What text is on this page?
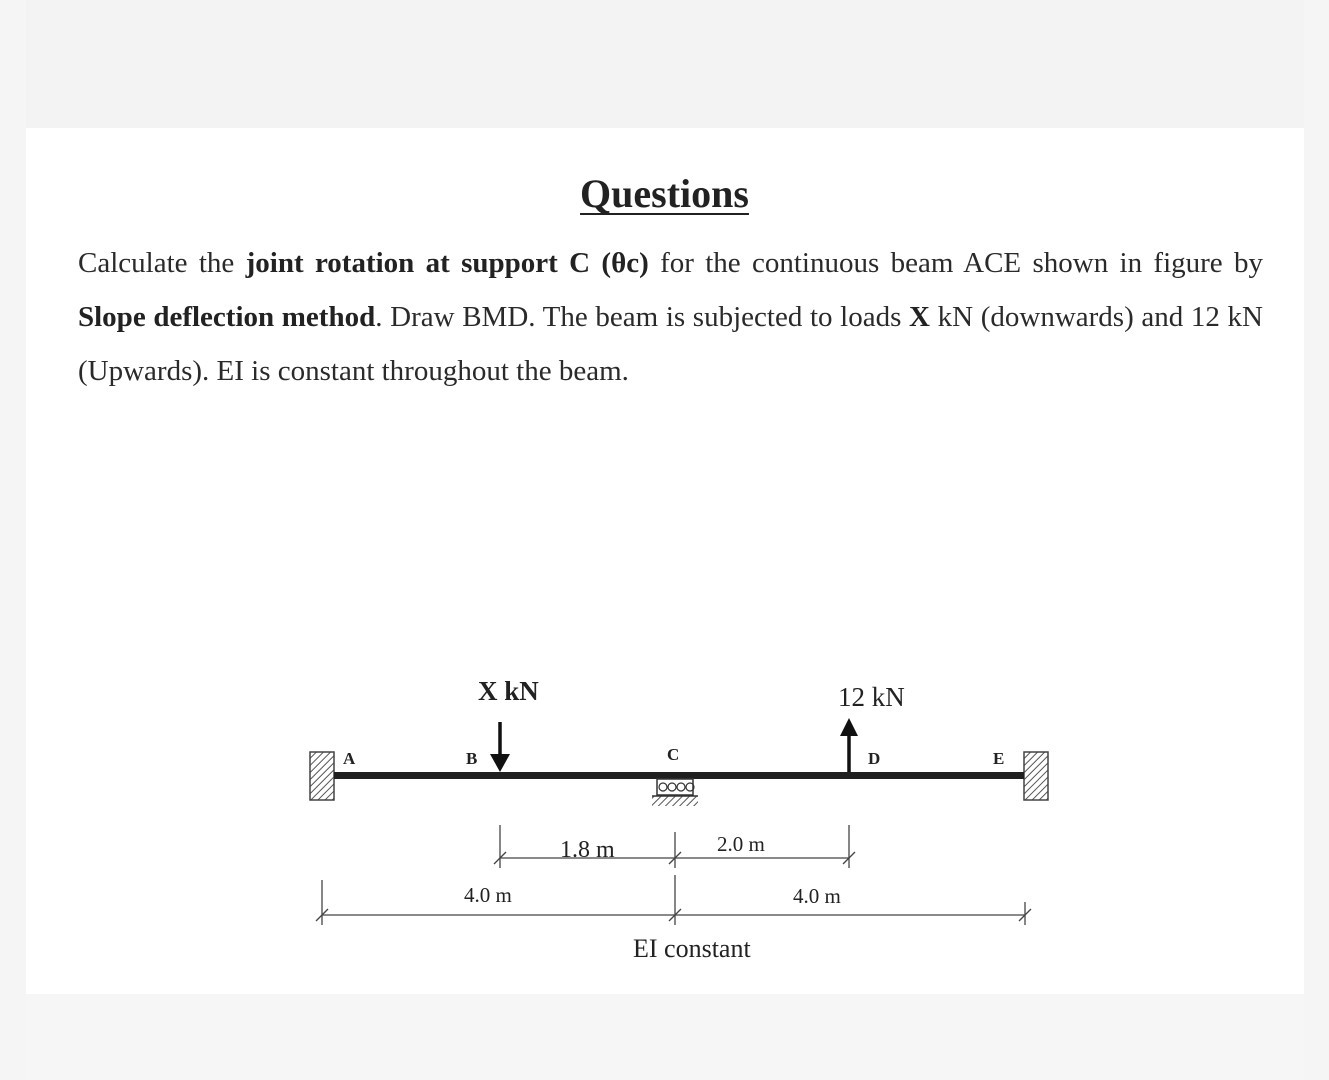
Questions

Calculate the joint rotation at support C (θc) for the continuous beam ACE shown in figure by Slope deflection method. Draw BMD. The beam is subjected to loads X kN (downwards) and 12 kN (Upwards). EI is constant throughout the beam.

X kN	12 kN
A	B	C	D	E
1.8 m	2.0 m
4.0 m	4.0 m
EI constant
